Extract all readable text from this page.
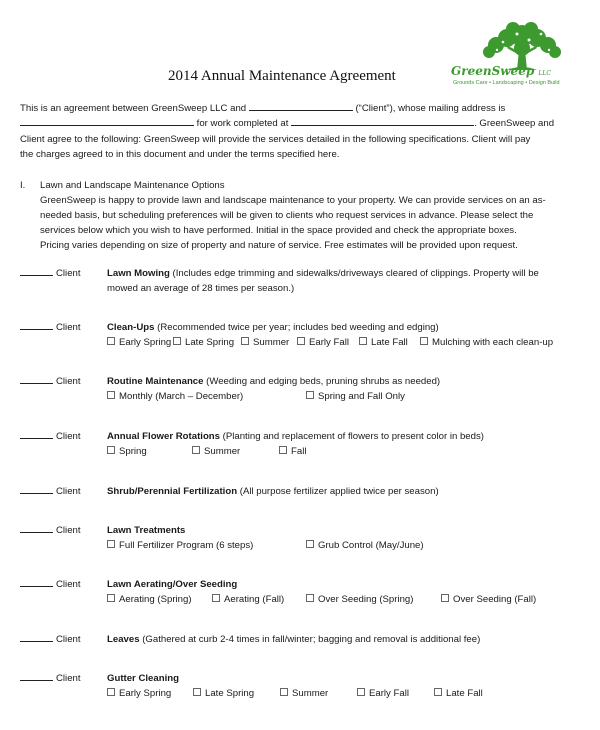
GreenSweep LLC
Grounds Care • Landscaping • Design Build
2014 Annual Maintenance Agreement
This is an agreement between GreenSweep LLC and	(“Client”), whose mailing address is
for work completed at	. GreenSweep and
Client agree to the following: GreenSweep will provide the services detailed in the following specifications. Client will pay
the charges agreed to in this document and under the terms specified here.
I. Lawn and Landscape Maintenance Options
GreenSweep is happy to provide lawn and landscape maintenance to your property. We can provide services on an as-
needed basis, but scheduling preferences will be given to clients who request services in advance. Please select the
services below which you wish to have performed. Initial in the space provided and check the appropriate boxes.
Pricing varies depending on size of property and nature of service. Free estimates will be provided upon request.
Client	Lawn Mowing (Includes edge trimming and sidewalks/driveways cleared of clippings. Property will be
mowed an average of 28 times per season.)
Client	Clean-Ups (Recommended twice per year; includes bed weeding and edging)
Early Spring	Late Spring	Summer	Early Fall	Late Fall	Mulching with each clean-up
Client	Routine Maintenance (Weeding and edging beds, pruning shrubs as needed)
Monthly (March – December)	Spring and Fall Only
Client	Annual Flower Rotations (Planting and replacement of flowers to present color in beds)
Spring	Summer	Fall
Client	Shrub/Perennial Fertilization (All purpose fertilizer applied twice per season)
Client	Lawn Treatments
Full Fertilizer Program (6 steps)	Grub Control (May/June)
Client	Lawn Aerating/Over Seeding
Aerating (Spring)	Aerating (Fall)	Over Seeding (Spring)	Over Seeding (Fall)
Client	Leaves (Gathered at curb 2-4 times in fall/winter; bagging and removal is additional fee)
Client	Gutter Cleaning
Early Spring	Late Spring	Summer	Early Fall	Late Fall
